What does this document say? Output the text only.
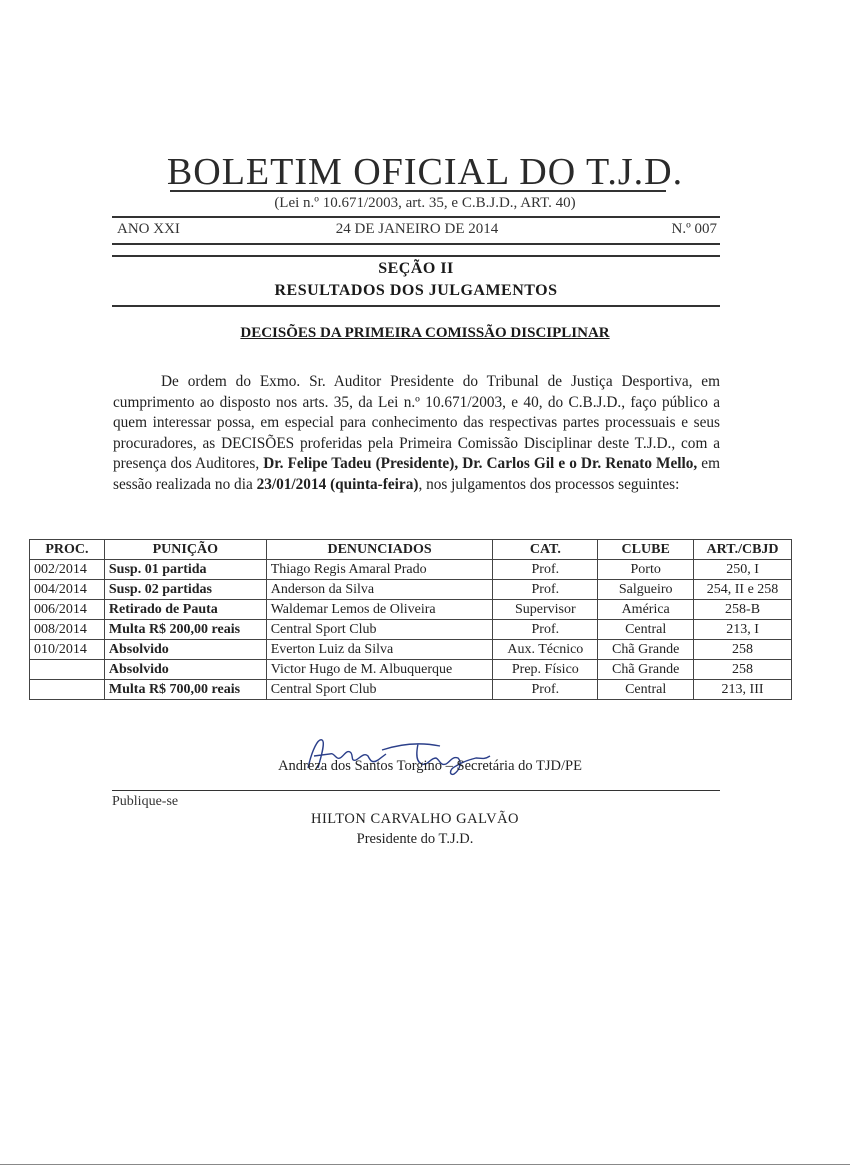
BOLETIM OFICIAL DO T.J.D.
(Lei n.º 10.671/2003, art. 35, e C.B.J.D., ART. 40)
ANO XXI	24 DE JANEIRO DE 2014	N.º 007
SEÇÃO II
RESULTADOS DOS JULGAMENTOS
DECISÕES DA PRIMEIRA COMISSÃO DISCIPLINAR

De ordem do Exmo. Sr. Auditor Presidente do Tribunal de Justiça Desportiva, em cumprimento ao disposto nos arts. 35, da Lei n.º 10.671/2003, e 40, do C.B.J.D., faço público a quem interessar possa, em especial para conhecimento das respectivas partes processuais e seus procuradores, as DECISÕES proferidas pela Primeira Comissão Disciplinar deste T.J.D., com a presença dos Auditores, Dr. Felipe Tadeu (Presidente), Dr. Carlos Gil e o Dr. Renato Mello, em sessão realizada no dia 23/01/2014 (quinta-feira), nos julgamentos dos processos seguintes:

PROC.	PUNIÇÃO	DENUNCIADOS	CAT.	CLUBE	ART./CBJD
002/2014	Susp. 01 partida	Thiago Regis Amaral Prado	Prof.	Porto	250, I
004/2014	Susp. 02 partidas	Anderson da Silva	Prof.	Salgueiro	254, II e 258
006/2014	Retirado de Pauta	Waldemar Lemos de Oliveira	Supervisor	América	258-B
008/2014	Multa R$ 200,00 reais	Central Sport Club	Prof.	Central	213, I
010/2014	Absolvido	Everton Luiz da Silva	Aux. Técnico	Chã Grande	258
	Absolvido	Victor Hugo de M. Albuquerque	Prep. Físico	Chã Grande	258
	Multa R$ 700,00 reais	Central Sport Club	Prof.	Central	213, III
Andreza dos Santos Torgino – Secretária do TJD/PE
Publique-se
HILTON CARVALHO GALVÃO
Presidente do T.J.D.
